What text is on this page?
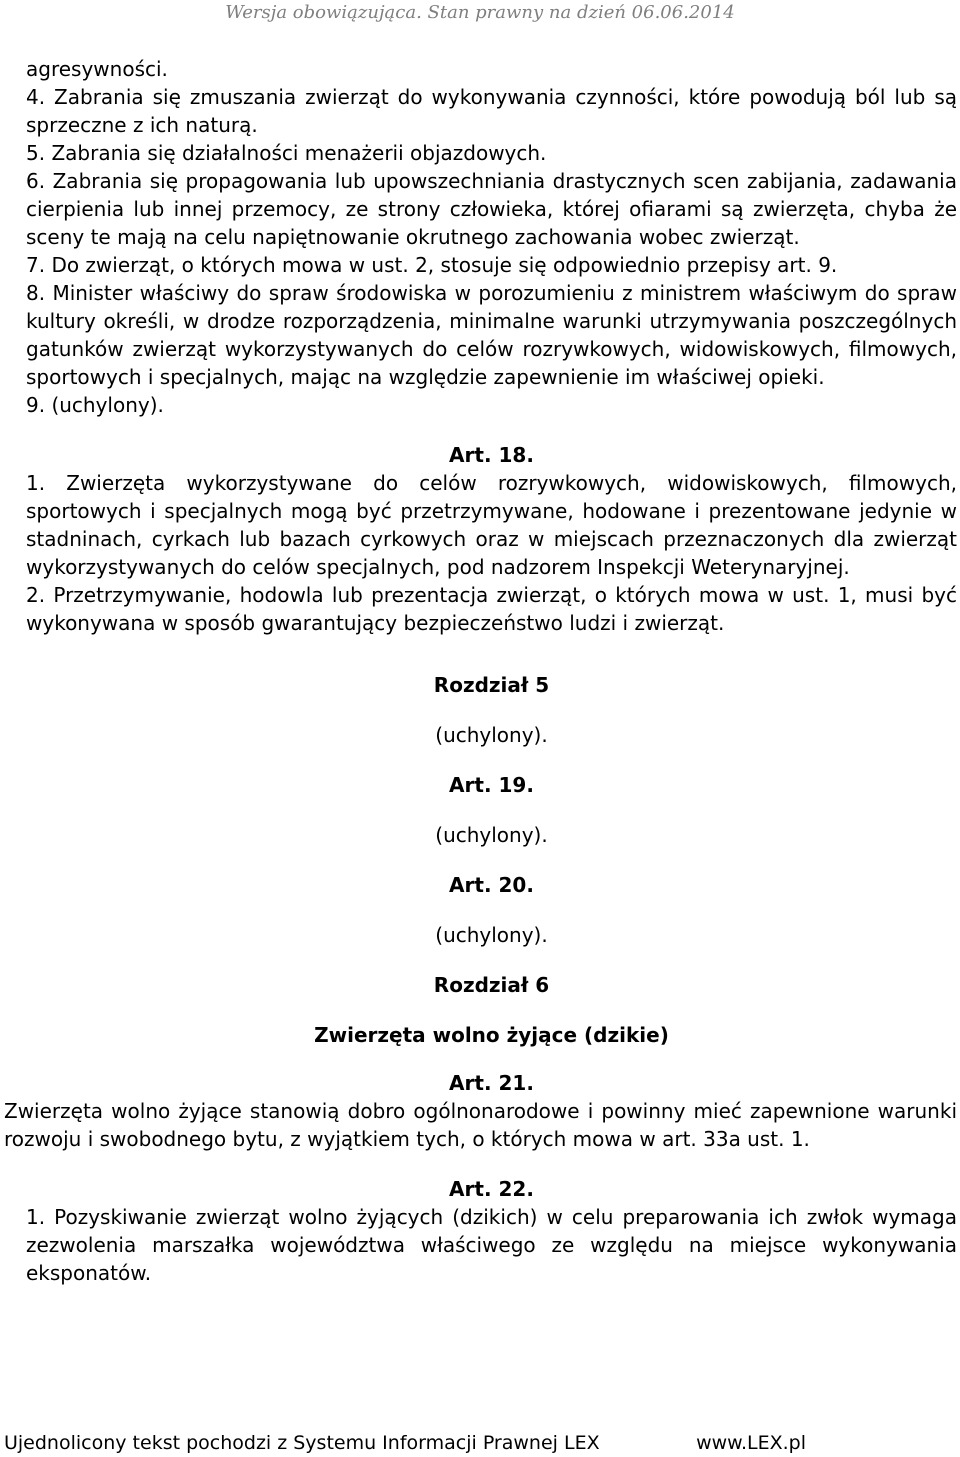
Wersja obowiązująca. Stan prawny na dzień 06.06.2014

agresywności.

4. Zabrania się zmuszania zwierząt do wykonywania czynności, które powodują ból lub są sprzeczne z ich naturą.

5. Zabrania się działalności menażerii objazdowych.

6. Zabrania się propagowania lub upowszechniania drastycznych scen zabijania, zadawania cierpienia lub innej przemocy, ze strony człowieka, której ofiarami są zwierzęta, chyba że sceny te mają na celu napiętnowanie okrutnego zachowania wobec zwierząt.

7. Do zwierząt, o których mowa w ust. 2, stosuje się odpowiednio przepisy art. 9.

8. Minister właściwy do spraw środowiska w porozumieniu z ministrem właściwym do spraw kultury określi, w drodze rozporządzenia, minimalne warunki utrzymywania poszczególnych gatunków zwierząt wykorzystywanych do celów rozrywkowych, widowiskowych, filmowych, sportowych i specjalnych, mając na względzie zapewnienie im właściwej opieki.

9. (uchylony).

Art. 18.

1. Zwierzęta wykorzystywane do celów rozrywkowych, widowiskowych, filmowych, sportowych i specjalnych mogą być przetrzymywane, hodowane i prezentowane jedynie w stadninach, cyrkach lub bazach cyrkowych oraz w miejscach przeznaczonych dla zwierząt wykorzystywanych do celów specjalnych, pod nadzorem Inspekcji Weterynaryjnej.

2. Przetrzymywanie, hodowla lub prezentacja zwierząt, o których mowa w ust. 1, musi być wykonywana w sposób gwarantujący bezpieczeństwo ludzi i zwierząt.

Rozdział 5

(uchylony).

Art. 19.

(uchylony).

Art. 20.

(uchylony).

Rozdział 6

Zwierzęta wolno żyjące (dzikie)

Art. 21.

Zwierzęta wolno żyjące stanowią dobro ogólnonarodowe i powinny mieć zapewnione warunki rozwoju i swobodnego bytu, z wyjątkiem tych, o których mowa w art. 33a ust. 1.

Art. 22.

1. Pozyskiwanie zwierząt wolno żyjących (dzikich) w celu preparowania ich zwłok wymaga zezwolenia marszałka województwa właściwego ze względu na miejsce wykonywania eksponatów.

Ujednolicony tekst pochodzi z Systemu Informacji Prawnej LEX	www.LEX.pl
